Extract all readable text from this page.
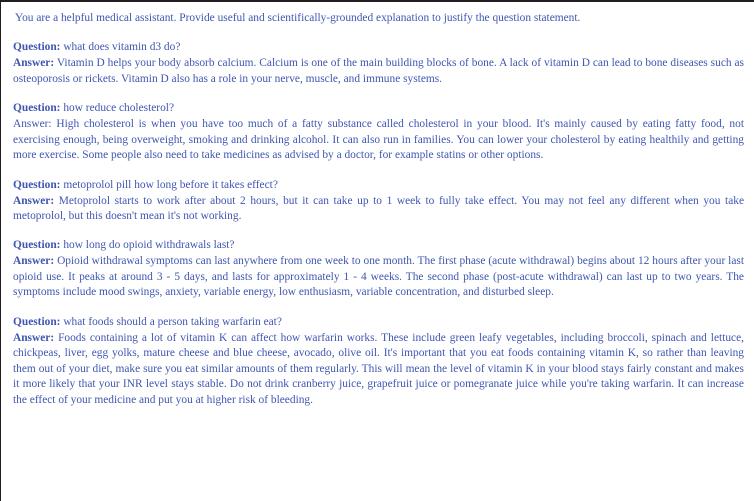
You are a helpful medical assistant. Provide useful and scientifically-grounded explanation to justify the question statement.

Question: what does vitamin d3 do?

Answer: Vitamin D helps your body absorb calcium. Calcium is one of the main building blocks of bone. A lack of vitamin D can lead to bone diseases such as osteoporosis or rickets. Vitamin D also has a role in your nerve, muscle, and immune systems.

Question: how reduce cholesterol?

Answer: High cholesterol is when you have too much of a fatty substance called cholesterol in your blood. It's mainly caused by eating fatty food, not exercising enough, being overweight, smoking and drinking alcohol. It can also run in families. You can lower your cholesterol by eating healthily and getting more exercise. Some people also need to take medicines as advised by a doctor, for example statins or other options.

Question: metoprolol pill how long before it takes effect?

Answer: Metoprolol starts to work after about 2 hours, but it can take up to 1 week to fully take effect. You may not feel any different when you take metoprolol, but this doesn't mean it's not working.

Question: how long do opioid withdrawals last?

Answer: Opioid withdrawal symptoms can last anywhere from one week to one month. The first phase (acute withdrawal) begins about 12 hours after your last opioid use. It peaks at around 3 - 5 days, and lasts for approximately 1 - 4 weeks. The second phase (post-acute withdrawal) can last up to two years. The symptoms include mood swings, anxiety, variable energy, low enthusiasm, variable concentration, and disturbed sleep.

Question: what foods should a person taking warfarin eat?

Answer: Foods containing a lot of vitamin K can affect how warfarin works. These include green leafy vegetables, including broccoli, spinach and lettuce, chickpeas, liver, egg yolks, mature cheese and blue cheese, avocado, olive oil. It's important that you eat foods containing vitamin K, so rather than leaving them out of your diet, make sure you eat similar amounts of them regularly. This will mean the level of vitamin K in your blood stays fairly constant and makes it more likely that your INR level stays stable. Do not drink cranberry juice, grapefruit juice or pomegranate juice while you're taking warfarin. It can increase the effect of your medicine and put you at higher risk of bleeding.
